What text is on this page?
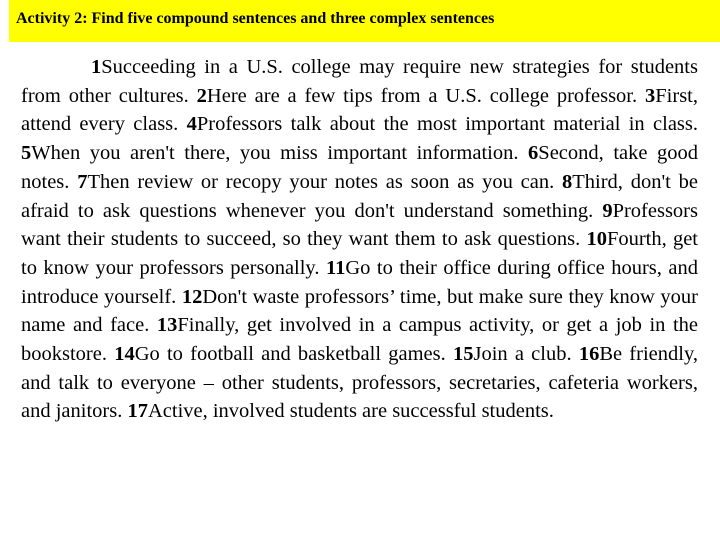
Activity 2: Find five compound sentences and three complex sentences

1Succeeding in a U.S. college may require new strategies for students from other cultures. 2Here are a few tips from a U.S. college professor. 3First, attend every class. 4Professors talk about the most important material in class. 5When you aren't there, you miss important information. 6Second, take good notes. 7Then review or recopy your notes as soon as you can. 8Third, don't be afraid to ask questions whenever you don't understand something. 9Professors want their students to succeed, so they want them to ask questions. 10Fourth, get to know your professors personally. 11Go to their office during office hours, and introduce yourself. 12Don't waste professors’ time, but make sure they know your name and face. 13Finally, get involved in a campus activity, or get a job in the bookstore. 14Go to football and basketball games. 15Join a club. 16Be friendly, and talk to everyone – other students, professors, secretaries, cafeteria workers, and janitors. 17Active, involved students are successful students.
